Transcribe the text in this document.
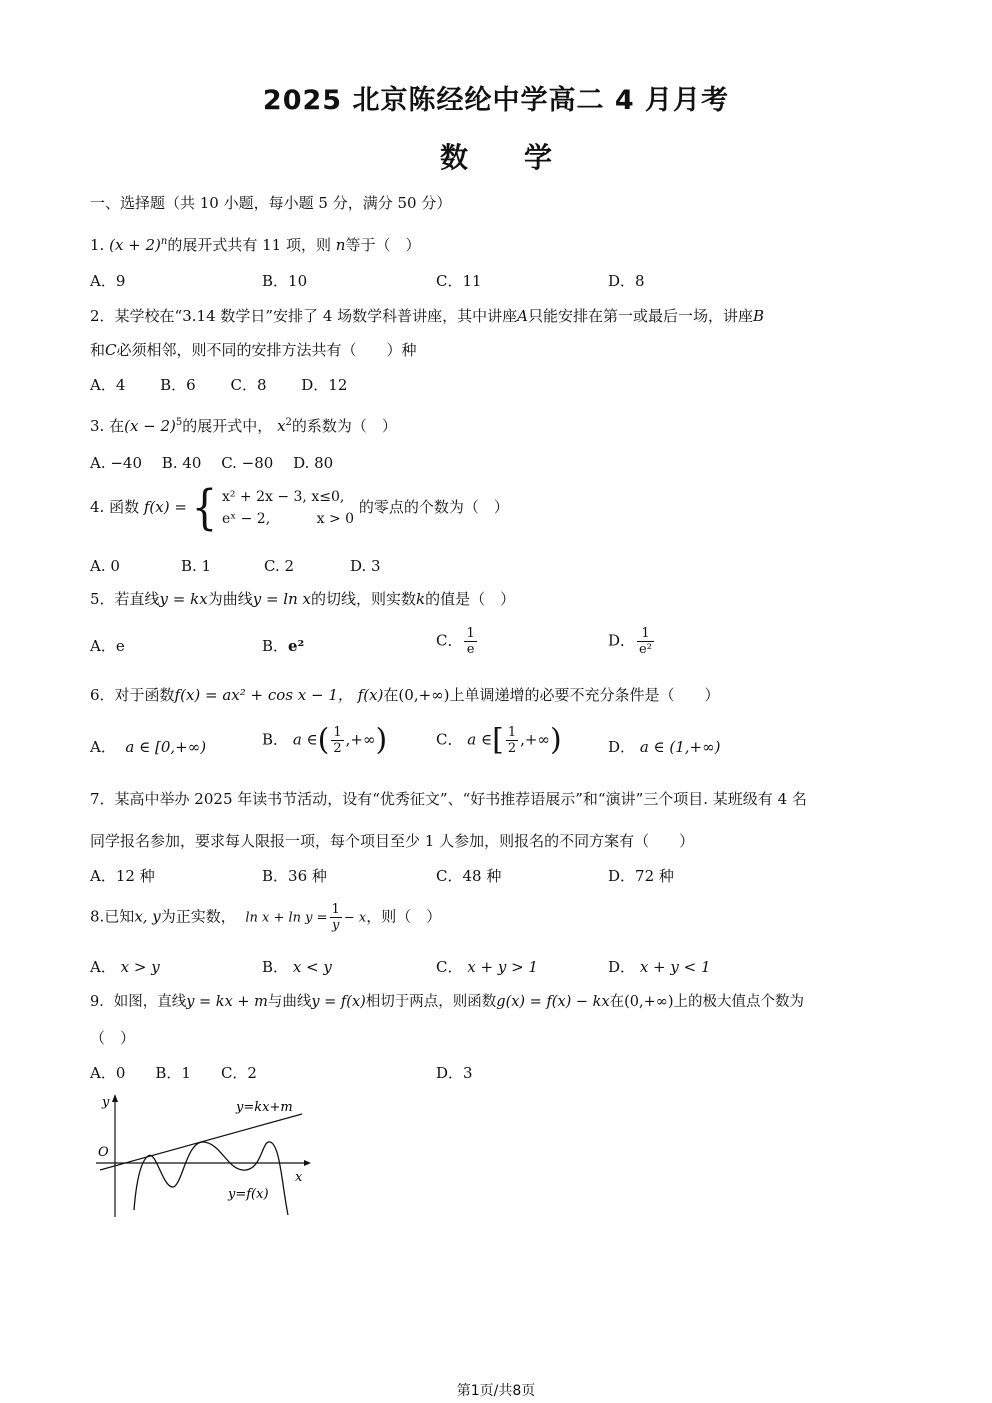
2025 北京陈经纶中学高二 4 月月考
数　　学
一、选择题（共 10 小题，每小题 5 分，满分 50 分）
1. $(x + 2)^n$的展开式共有 11 项，则 n等于（　）
A．9	B．10	C．11	D．8
2．某学校在“3.14 数学日”安排了 4 场数学科普讲座，其中讲座A只能安排在第一或最后一场，讲座B
和C必须相邻，则不同的安排方法共有（　　）种
A．4　　 B．6　　 C．8　　 D．12
3. 在$(x - 2)^5$的展开式中， $x^2$的系数为（　）
A. −40　 B. 40　 C. −80　 D. 80
4. 函数 f(x) = { x² + 2x − 3, x≤0,
eˣ − 2,　　　 x > 0
的零点的个数为（　）
A. 0	B. 1	C. 2	D. 3
5．若直线y = kx为曲线y = ln x的切线，则实数k的值是（　）
A．e	B．e²	C． $\frac{1}{e}$	D． $\frac{1}{\text{e²}}$
6．对于函数f(x) = ax² + cos x − 1， f(x)在(0,+∞)上单调递增的必要不充分条件是（　　）
A． a ∈ [0,+∞)	B． a ∈( $\frac{1}{2}$ ,+∞)	C． a ∈[ $\frac{1}{2}$ ,+∞)	D． a ∈ (1,+∞)
7．某高中举办 2025 年读书节活动，设有“优秀征文”、“好书推荐语展示”和“演讲”三个项目. 某班级有 4 名
同学报名参加，要求每人限报一项，每个项目至少 1 人参加，则报名的不同方案有（　　）
A．12 种	B．36 种	C．48 种	D．72 种
8.已知x, y为正实数， $\ln x + \ln y = \frac{1}{y} - x$，则（　）
A． x > y	B． x < y	C． x + y > 1	D． x + y < 1
9．如图，直线y = kx + m与曲线y = f(x)相切于两点，则函数g(x) = f(x) − kx在(0,+∞)上的极大值点个数为
（　）
A．0　　B．1　　C．2	D．3
y
x
O
y=kx+m
y=f(x)
第1页/共8页
